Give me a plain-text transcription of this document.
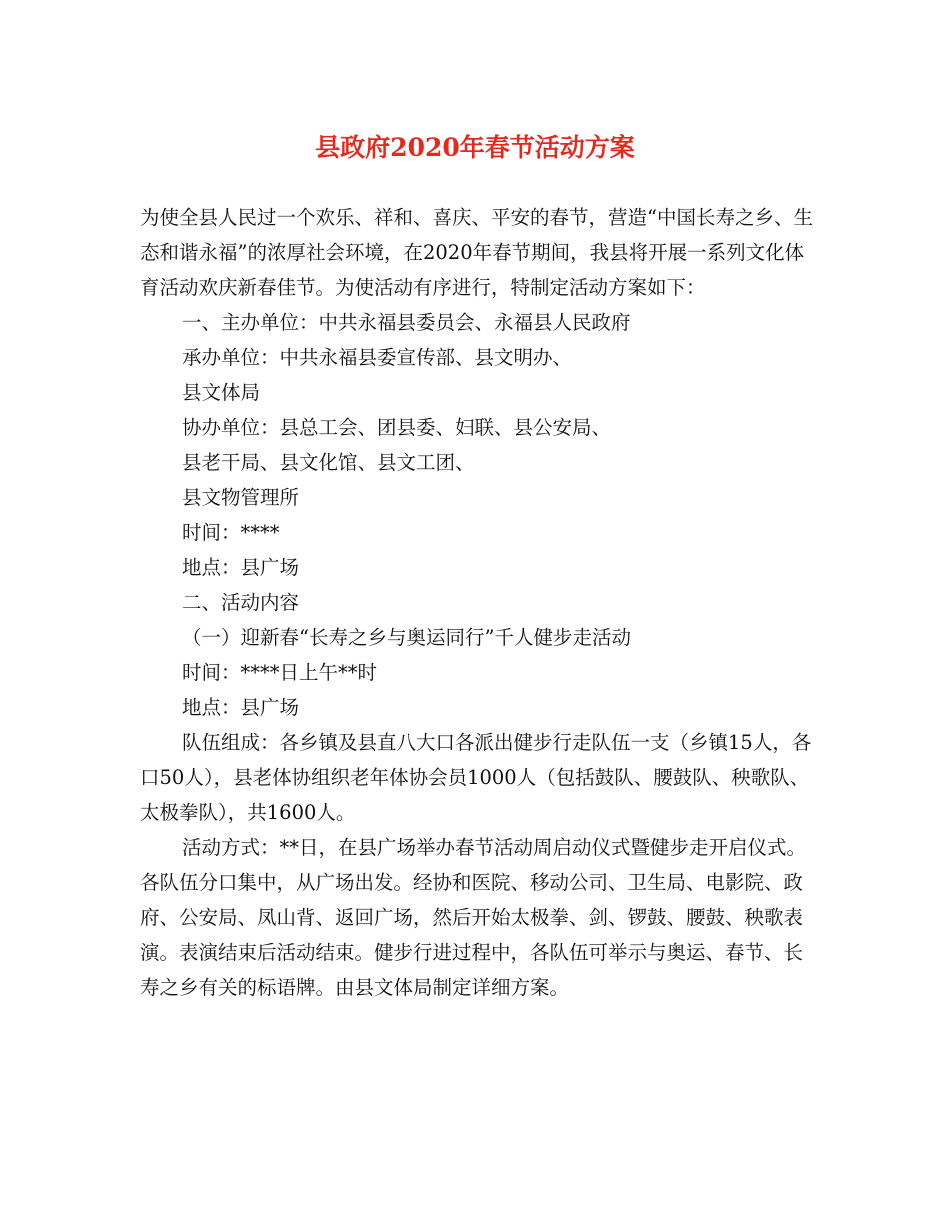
县政府2020年春节活动方案

为使全县人民过一个欢乐、祥和、喜庆、平安的春节，营造“中国长寿之乡、生态和谐永福”的浓厚社会环境，在2020年春节期间，我县将开展一系列文化体育活动欢庆新春佳节。为使活动有序进行，特制定活动方案如下：

一、主办单位：中共永福县委员会、永福县人民政府

承办单位：中共永福县委宣传部、县文明办、

县文体局

协办单位：县总工会、团县委、妇联、县公安局、

县老干局、县文化馆、县文工团、

县文物管理所

时间：****

地点：县广场

二、活动内容

（一）迎新春“长寿之乡与奥运同行”千人健步走活动

时间：****日上午**时

地点：县广场

队伍组成：各乡镇及县直八大口各派出健步行走队伍一支（乡镇15人，各口50人），县老体协组织老年体协会员1000人（包括鼓队、腰鼓队、秧歌队、太极拳队），共1600人。

活动方式：**日，在县广场举办春节活动周启动仪式暨健步走开启仪式。各队伍分口集中，从广场出发。经协和医院、移动公司、卫生局、电影院、政府、公安局、凤山背、返回广场，然后开始太极拳、剑、锣鼓、腰鼓、秧歌表演。表演结束后活动结束。健步行进过程中，各队伍可举示与奥运、春节、长寿之乡有关的标语牌。由县文体局制定详细方案。
